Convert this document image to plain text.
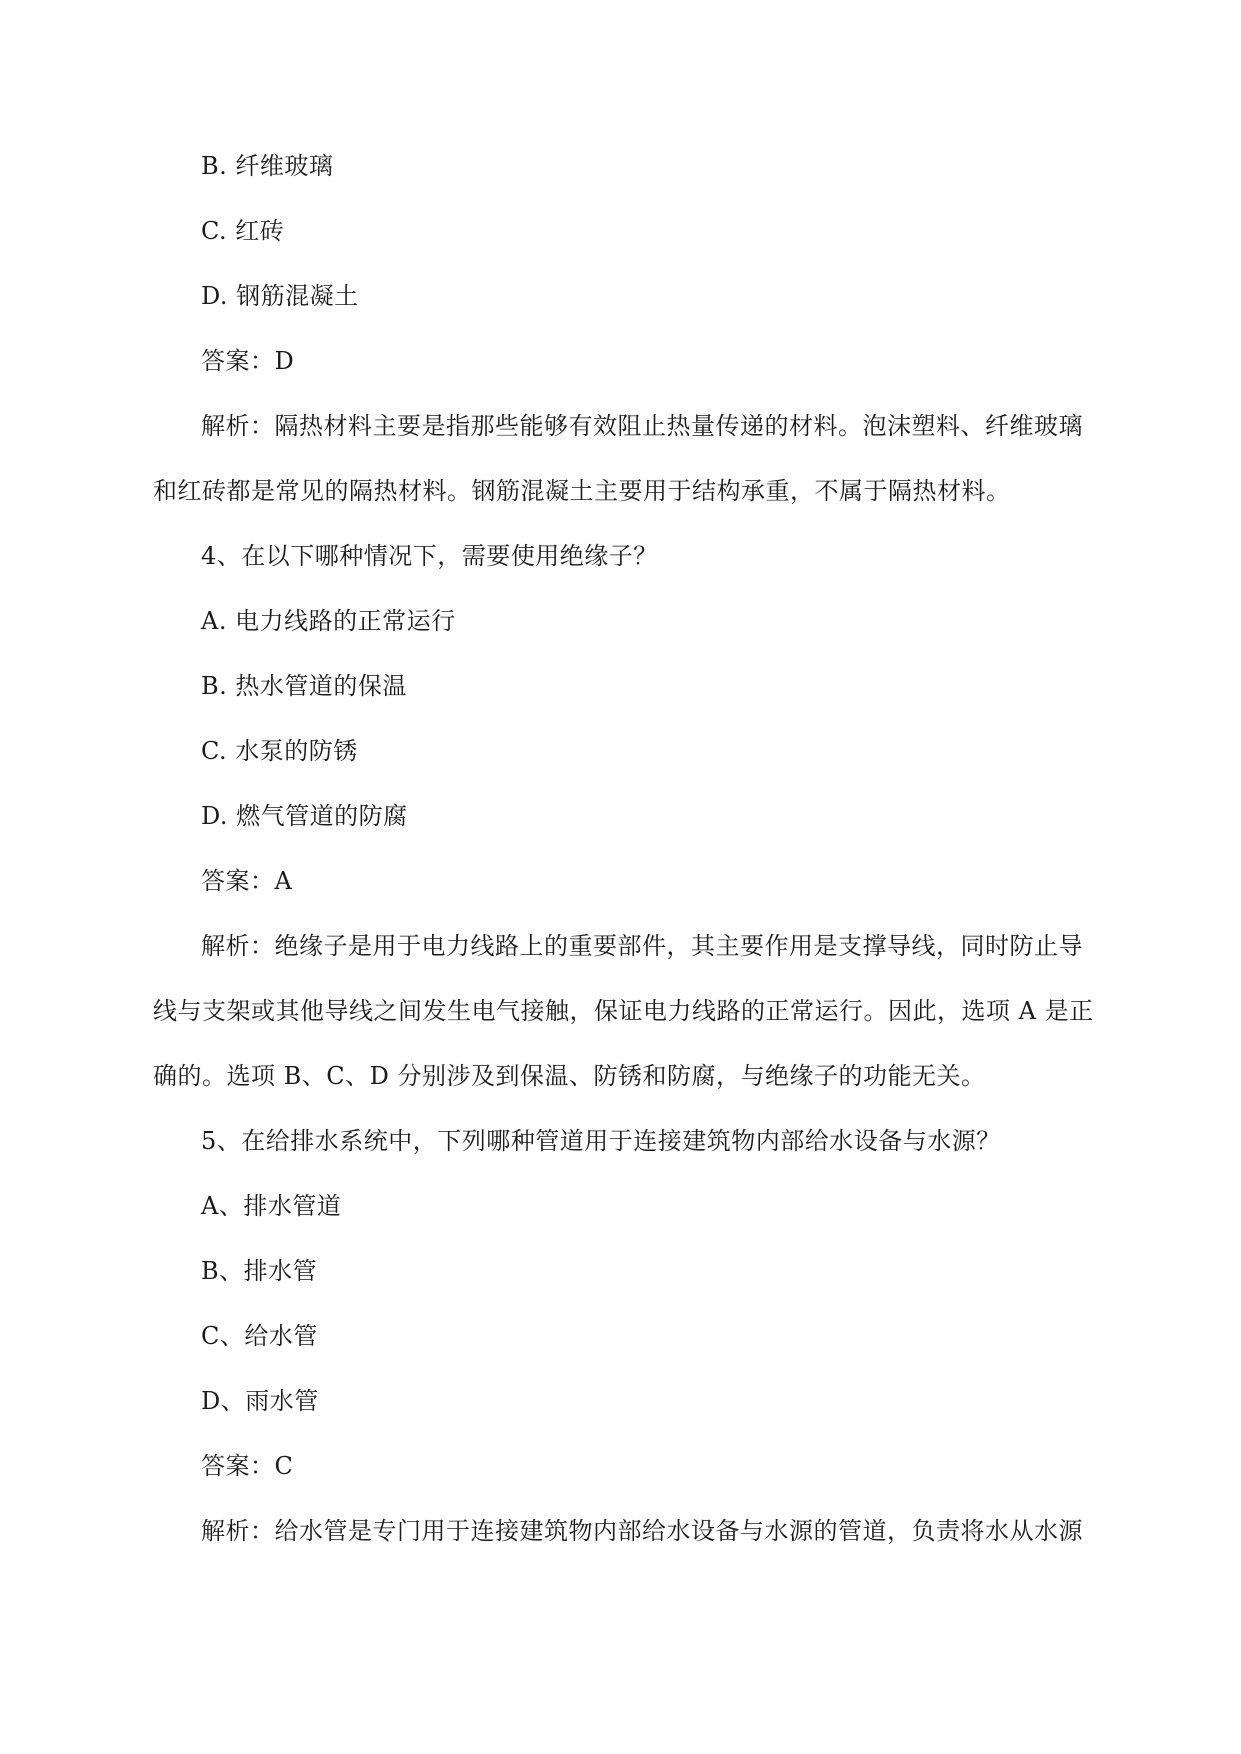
B. 纤维玻璃
C. 红砖
D. 钢筋混凝土
答案：D
解析：隔热材料主要是指那些能够有效阻止热量传递的材料。泡沫塑料、纤维玻璃
和红砖都是常见的隔热材料。钢筋混凝土主要用于结构承重，不属于隔热材料。
4、在以下哪种情况下，需要使用绝缘子？
A. 电力线路的正常运行
B. 热水管道的保温
C. 水泵的防锈
D. 燃气管道的防腐
答案：A
解析：绝缘子是用于电力线路上的重要部件，其主要作用是支撑导线，同时防止导
线与支架或其他导线之间发生电气接触，保证电力线路的正常运行。因此，选项 A 是正
确的。选项 B、C、D 分别涉及到保温、防锈和防腐，与绝缘子的功能无关。
5、在给排水系统中，下列哪种管道用于连接建筑物内部给水设备与水源？
A、排水管道
B、排水管
C、给水管
D、雨水管
答案：C
解析：给水管是专门用于连接建筑物内部给水设备与水源的管道，负责将水从水源
